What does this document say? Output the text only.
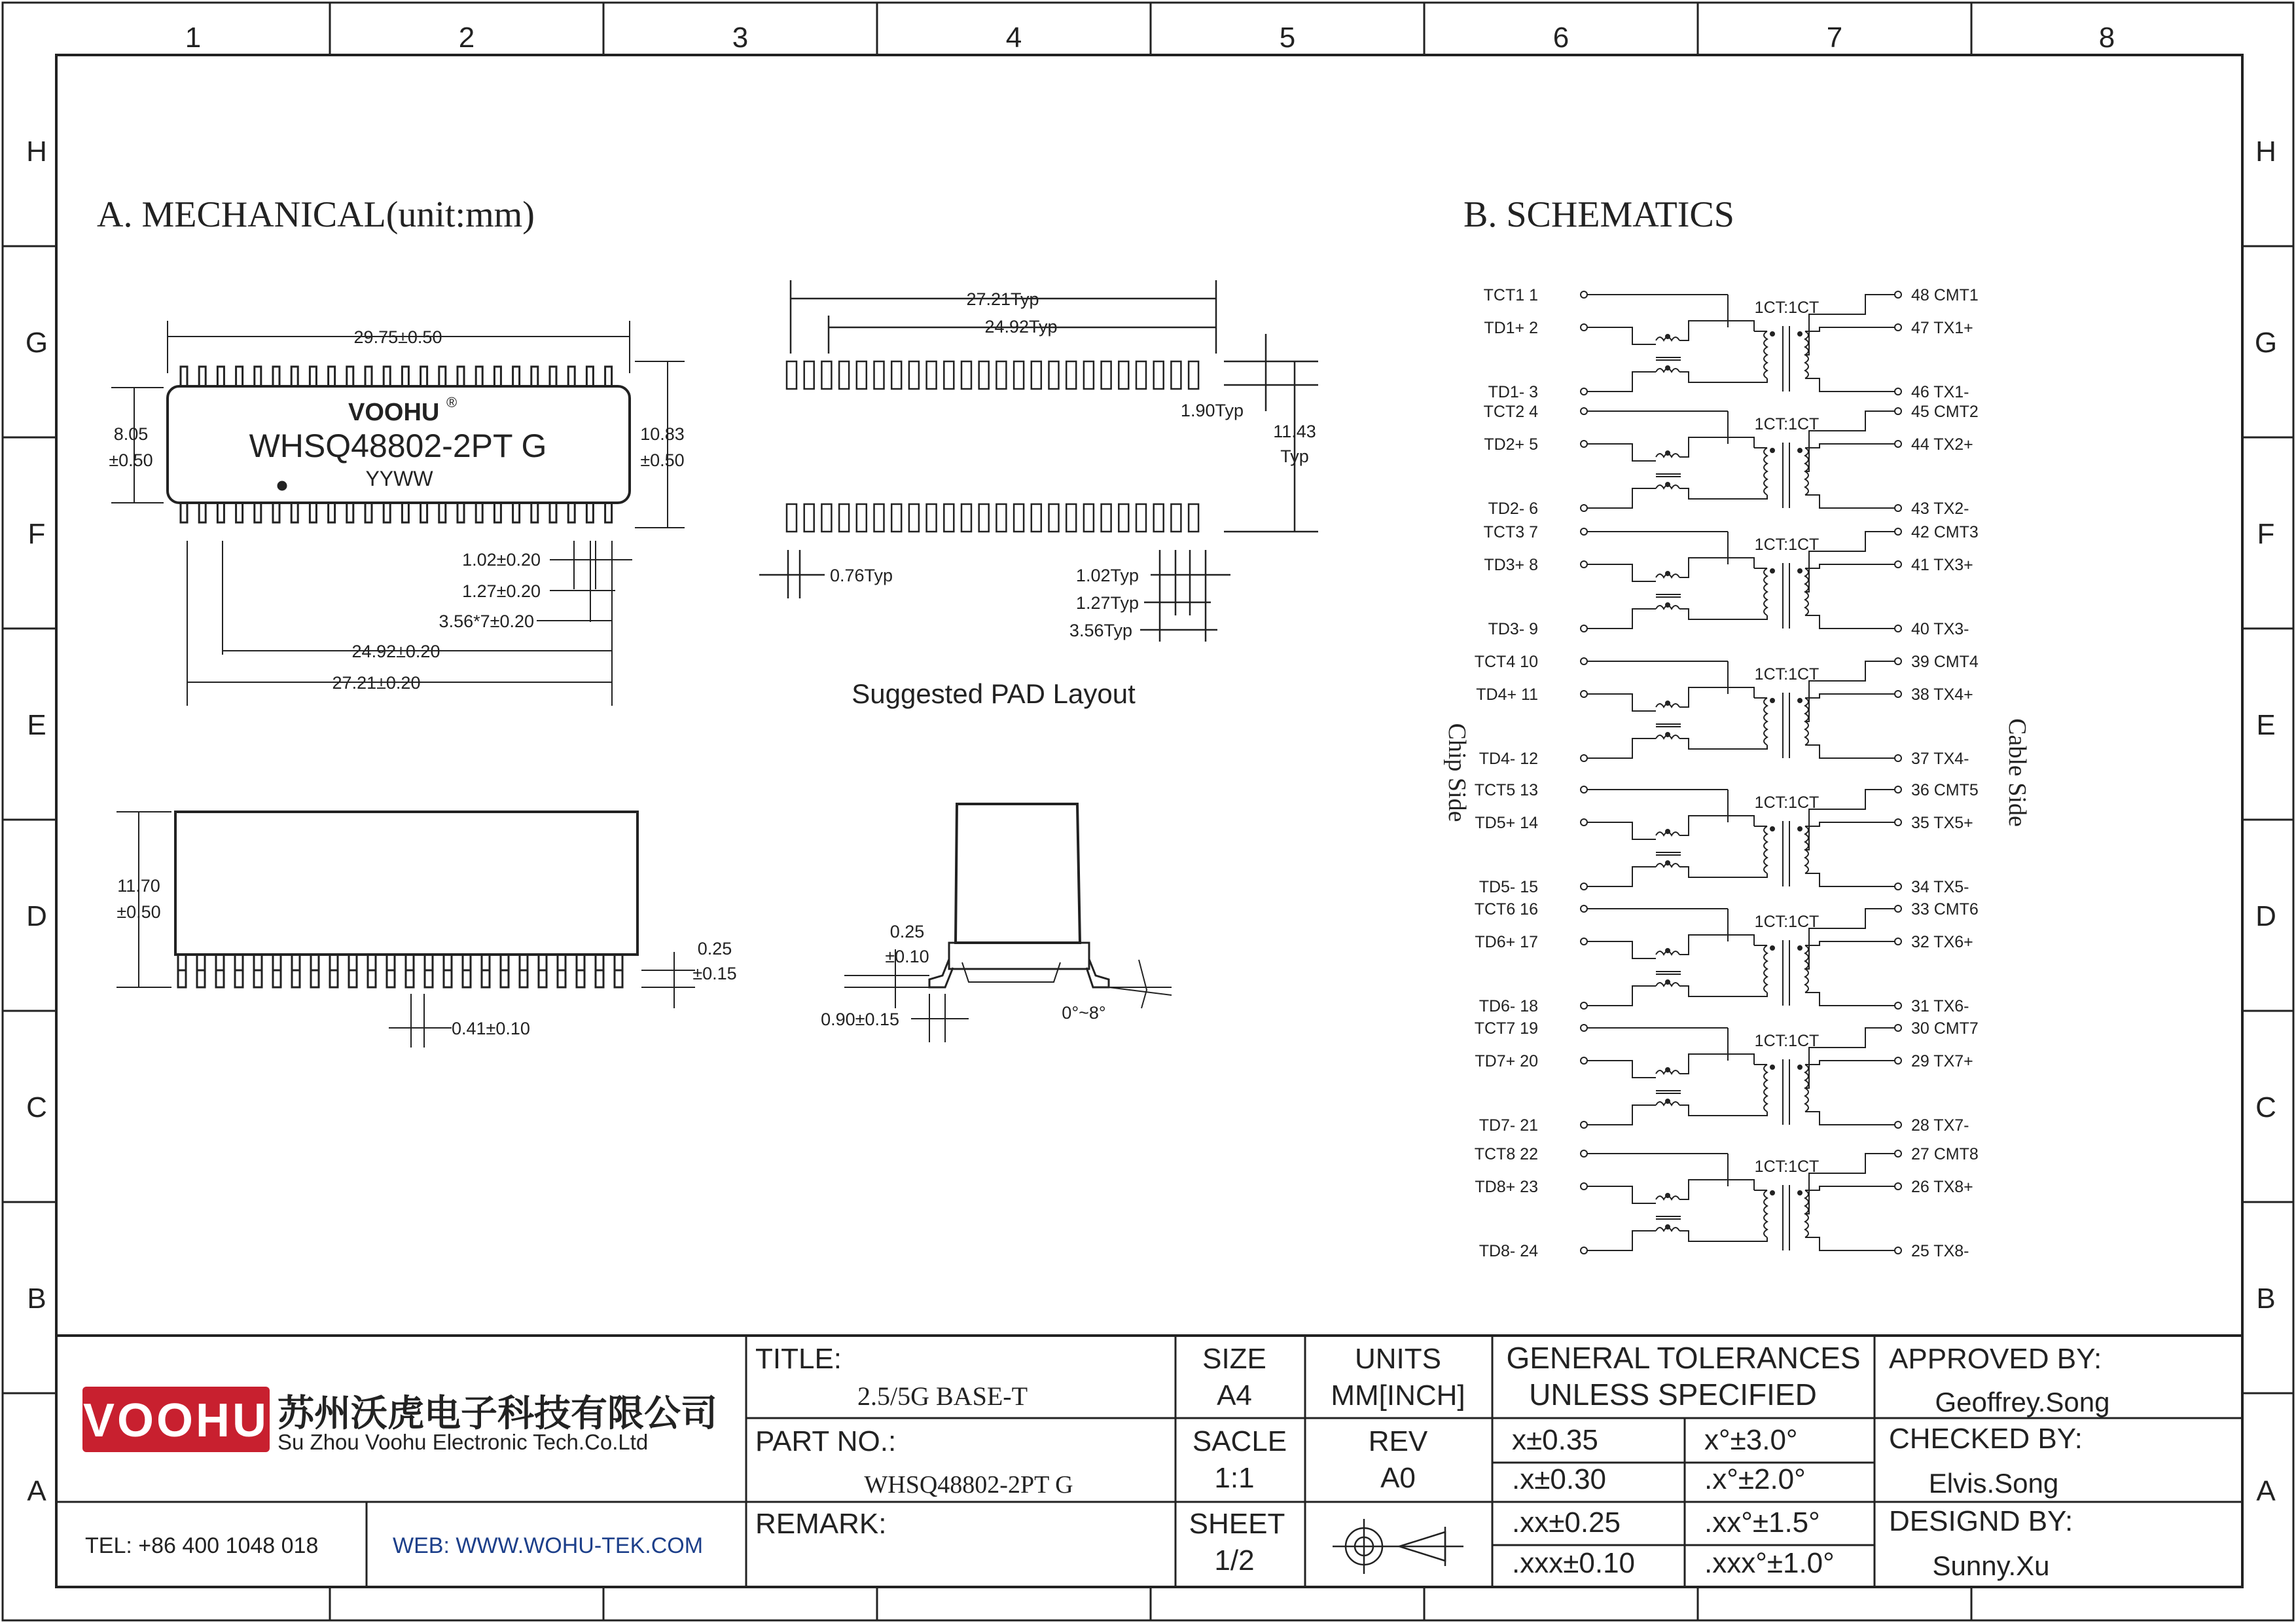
A. MECHANICAL(unit:mm)
VOOHU ®
WHSQ48802-2PT G
YYWW
29.75±0.50
8.05
±0.50
10.83
±0.50
1.02±0.20
1.27±0.20
3.56*7±0.20
24.92±0.20
27.21±0.20
11.70
±0.50
0.25
±0.15
0.41±0.10
0.25
±0.10
0.90±0.15	0°~8°
27.21Typ
24.92Typ
1.90Typ
11.43
Typ
0.76Typ	1.02Typ
1.27Typ
3.56Typ
Suggested PAD Layout
B. SCHEMATICS
Chip Side	Cable Side
TCT1 1
TD1+ 2
TD1- 3
48 CMT1
47 TX1+
46 TX1-
1CT:1CT
TCT2 4
TD2+ 5
TD2- 6
45 CMT2
44 TX2+
43 TX2-
1CT:1CT
TCT3 7
TD3+ 8
TD3- 9
42 CMT3
41 TX3+
40 TX3-
1CT:1CT
TCT4 10
TD4+ 11
TD4- 12
39 CMT4
38 TX4+
37 TX4-
1CT:1CT
TCT5 13
TD5+ 14
TD5- 15
36 CMT5
35 TX5+
34 TX5-
1CT:1CT
TCT6 16
TD6+ 17
TD6- 18
33 CMT6
32 TX6+
31 TX6-
1CT:1CT
TCT7 19
TD7+ 20
TD7- 21
30 CMT7
29 TX7+
28 TX7-
1CT:1CT
TCT8 22
TD8+ 23
TD8- 24
27 CMT8
26 TX8+
25 TX8-
1CT:1CT
VOOHU 苏州沃虎电子科技有限公司
Su Zhou Voohu Electronic Tech.Co.Ltd
TEL: +86 400 1048 018	WEB: WWW.WOHU-TEK.COM
TITLE:
2.5/5G BASE-T
PART NO.:
WHSQ48802-2PT G
REMARK:
SIZE
A4
SACLE
1:1
SHEET
1/2
UNITS
MM[INCH]
REV
A0
GENERAL TOLERANCES
UNLESS SPECIFIED
x±0.35	x°±3.0°
.x±0.30	.x°±2.0°
.xx±0.25	.xx°±1.5°
.xxx±0.10 .xxx°±1.0°
APPROVED BY:
Geoffrey.Song
CHECKED BY:
Elvis.Song
DESIGND BY:
Sunny.Xu
1	2	3	4	5	6	7	8
H	H
G	G
F	F
E	E
D	D
C	C
B	B
A	A
